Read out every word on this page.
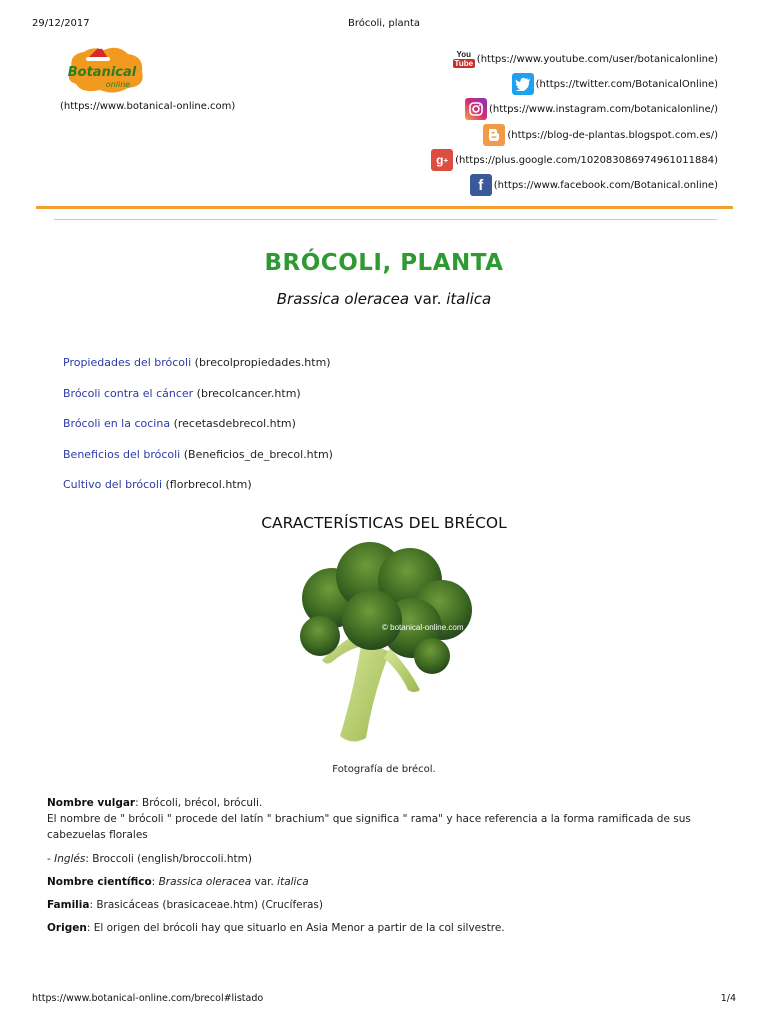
29/12/2017	Brócoli, planta
Botanical
online
(https://www.botanical-online.com)
You
Tube (https://www.youtube.com/user/botanicalonline)
(https://twitter.com/BotanicalOnline)
(https://www.instagram.com/botanicalonline/)
(https://blog-de-plantas.blogspot.com.es/)
g + (https://plus.google.com/102083086974961011884)
f	(https://www.facebook.com/Botanical.online)
BRÓCOLI, PLANTA
Brassica oleracea var. italica
Propiedades del brócoli (brecolpropiedades.htm)
Brócoli contra el cáncer (brecolcancer.htm)
Brócoli en la cocina (recetasdebrecol.htm)
Beneficios del brócoli (Beneficios_de_brecol.htm)
Cultivo del brócoli (florbrecol.htm)
CARACTERÍSTICAS DEL BRÉCOL
© botanical-online.com
Fotografía de brécol.
Nombre vulgar: Brócoli, brécol, bróculi.
El nombre de " brócoli " procede del latín " brachium" que significa " rama" y hace referencia a la forma ramificada de sus cabezuelas florales
- Inglés: Broccoli (english/broccoli.htm)
Nombre científico: Brassica oleracea var. italica
Familia: Brasicáceas (brasicaceae.htm) (Crucíferas)
Origen: El origen del brócoli hay que situarlo en Asia Menor a partir de la col silvestre.
https://www.botanical-online.com/brecol#listado	1/4
